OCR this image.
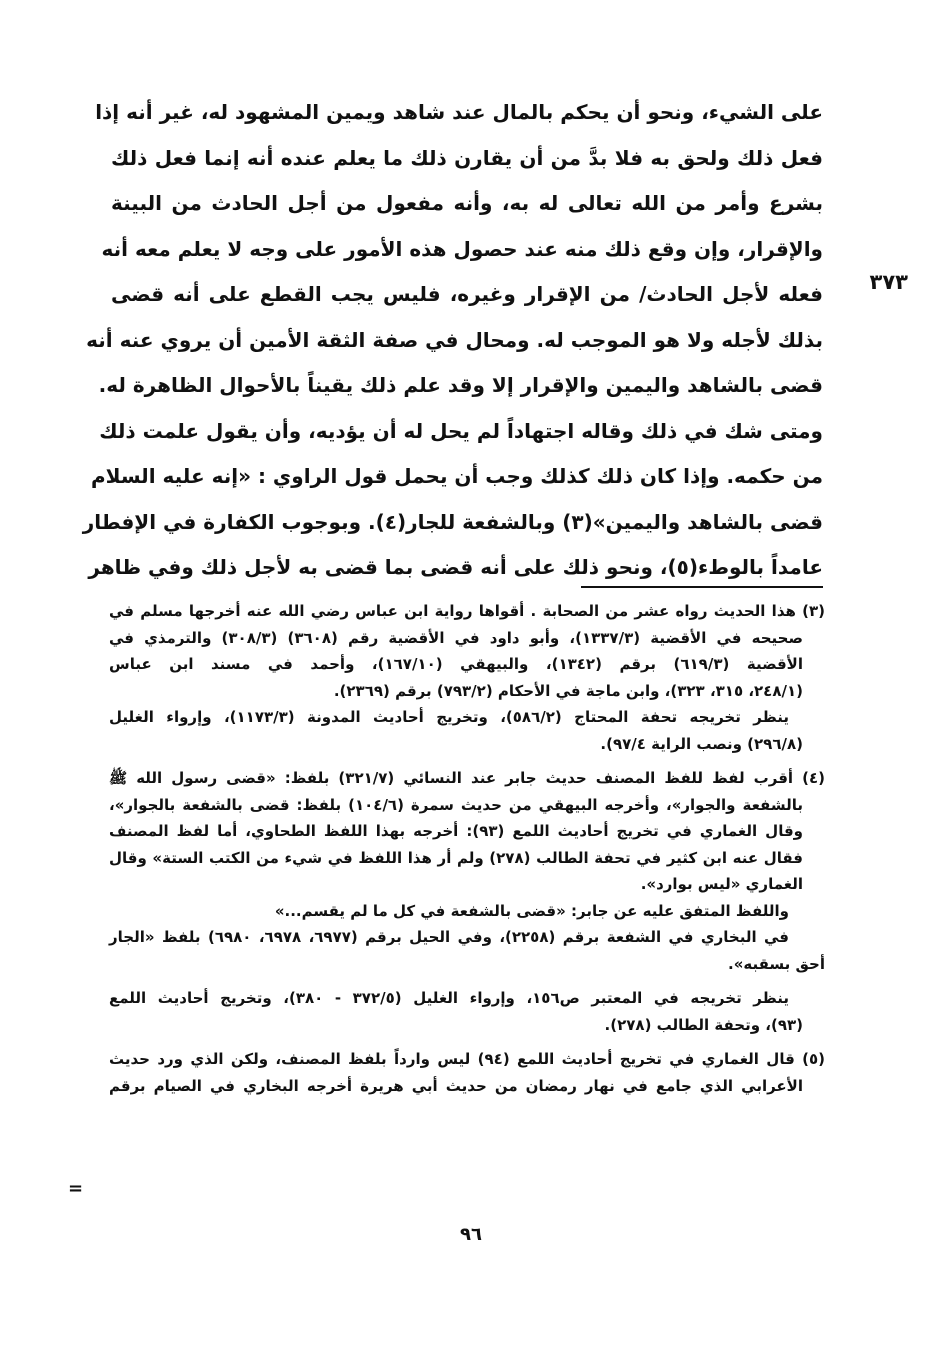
٣٧٣
على الشيء، ونحو أن يحكم بالمال عند شاهد ويمين المشهود له، غير أنه إذا
فعل ذلك ولحق به فلا بدَّ من أن يقارن ذلك ما يعلم عنده أنه إنما فعل ذلك
بشرع وأمر من الله تعالى له به، وأنه مفعول من أجل الحادث من البينة
والإقرار، وإن وقع ذلك منه عند حصول هذه الأمور على وجه لا يعلم معه أنه
فعله لأجل الحادث/ من الإقرار وغيره، فليس يجب القطع على أنه قضى
بذلك لأجله ولا هو الموجب له. ومحال في صفة الثقة الأمين أن يروي عنه أنه
قضى بالشاهد واليمين والإقرار إلا وقد علم ذلك يقيناً بالأحوال الظاهرة له.
ومتى شك في ذلك وقاله اجتهاداً لم يحل له أن يؤديه، وأن يقول علمت ذلك
من حكمه. وإذا كان ذلك كذلك وجب أن يحمل قول الراوي : «إنه عليه السلام
قضى بالشاهد واليمين»(٣) وبالشفعة للجار(٤). وبوجوب الكفارة في الإفطار
عامداً بالوطء(٥)، ونحو ذلك على أنه قضى بما قضى به لأجل ذلك وفي ظاهر
(٣) هذا الحديث رواه عشر من الصحابة . أقواها رواية ابن عباس رضي الله عنه أخرجها مسلم في
صحيحه في الأقضية (١٣٣٧/٣)، وأبو داود في الأقضية رقم (٣٦٠٨) (٣٠٨/٣) والترمذي في
الأقضية (٦١٩/٣) برقم (١٣٤٢)، والبيهقي (١٦٧/١٠)، وأحمد في مسند ابن عباس
(٢٤٨/١، ٣١٥، ٣٢٣)، وابن ماجة في الأحكام (٧٩٣/٢) برقم (٢٣٦٩).
ينظر تخريجه تحفة المحتاج (٥٨٦/٢)، وتخريج أحاديث المدونة (١١٧٣/٣)، وإرواء الغليل
(٢٩٦/٨) ونصب الراية ٩٧/٤).
(٤) أقرب لفظ للفظ المصنف حديث جابر عند النسائي (٣٢١/٧) بلفظ: «قضى رسول الله ﷺ
بالشفعة والجوار»، وأخرجه البيهقي من حديث سمرة (١٠٤/٦) بلفظ: قضى بالشفعة بالجوار»،
وقال الغماري في تخريج أحاديث اللمع (٩٣): أخرجه بهذا اللفظ الطحاوي، أما لفظ المصنف
فقال عنه ابن كثير في تحفة الطالب (٢٧٨) ولم أر هذا اللفظ في شيء من الكتب الستة» وقال
الغماري «ليس بوارد».
واللفظ المتفق عليه عن جابر: «قضى بالشفعة في كل ما لم يقسم...»
في البخاري في الشفعة برقم (٢٢٥٨)، وفي الحيل برقم (٦٩٧٧، ٦٩٧٨، ٦٩٨٠) بلفظ «الجار
أحق بسقبه».
ينظر تخريجه في المعتبر ص١٥٦، وإرواء الغليل (٣٧٢/٥ - ٣٨٠)، وتخريج أحاديث اللمع
(٩٣)، وتحفة الطالب (٢٧٨).
(٥) قال الغماري في تخريج أحاديث اللمع (٩٤) ليس وارداً بلفظ المصنف، ولكن الذي ورد حديث
الأعرابي الذي جامع في نهار رمضان من حديث أبي هريرة أخرجه البخاري في الصيام برقم
=
٩٦
